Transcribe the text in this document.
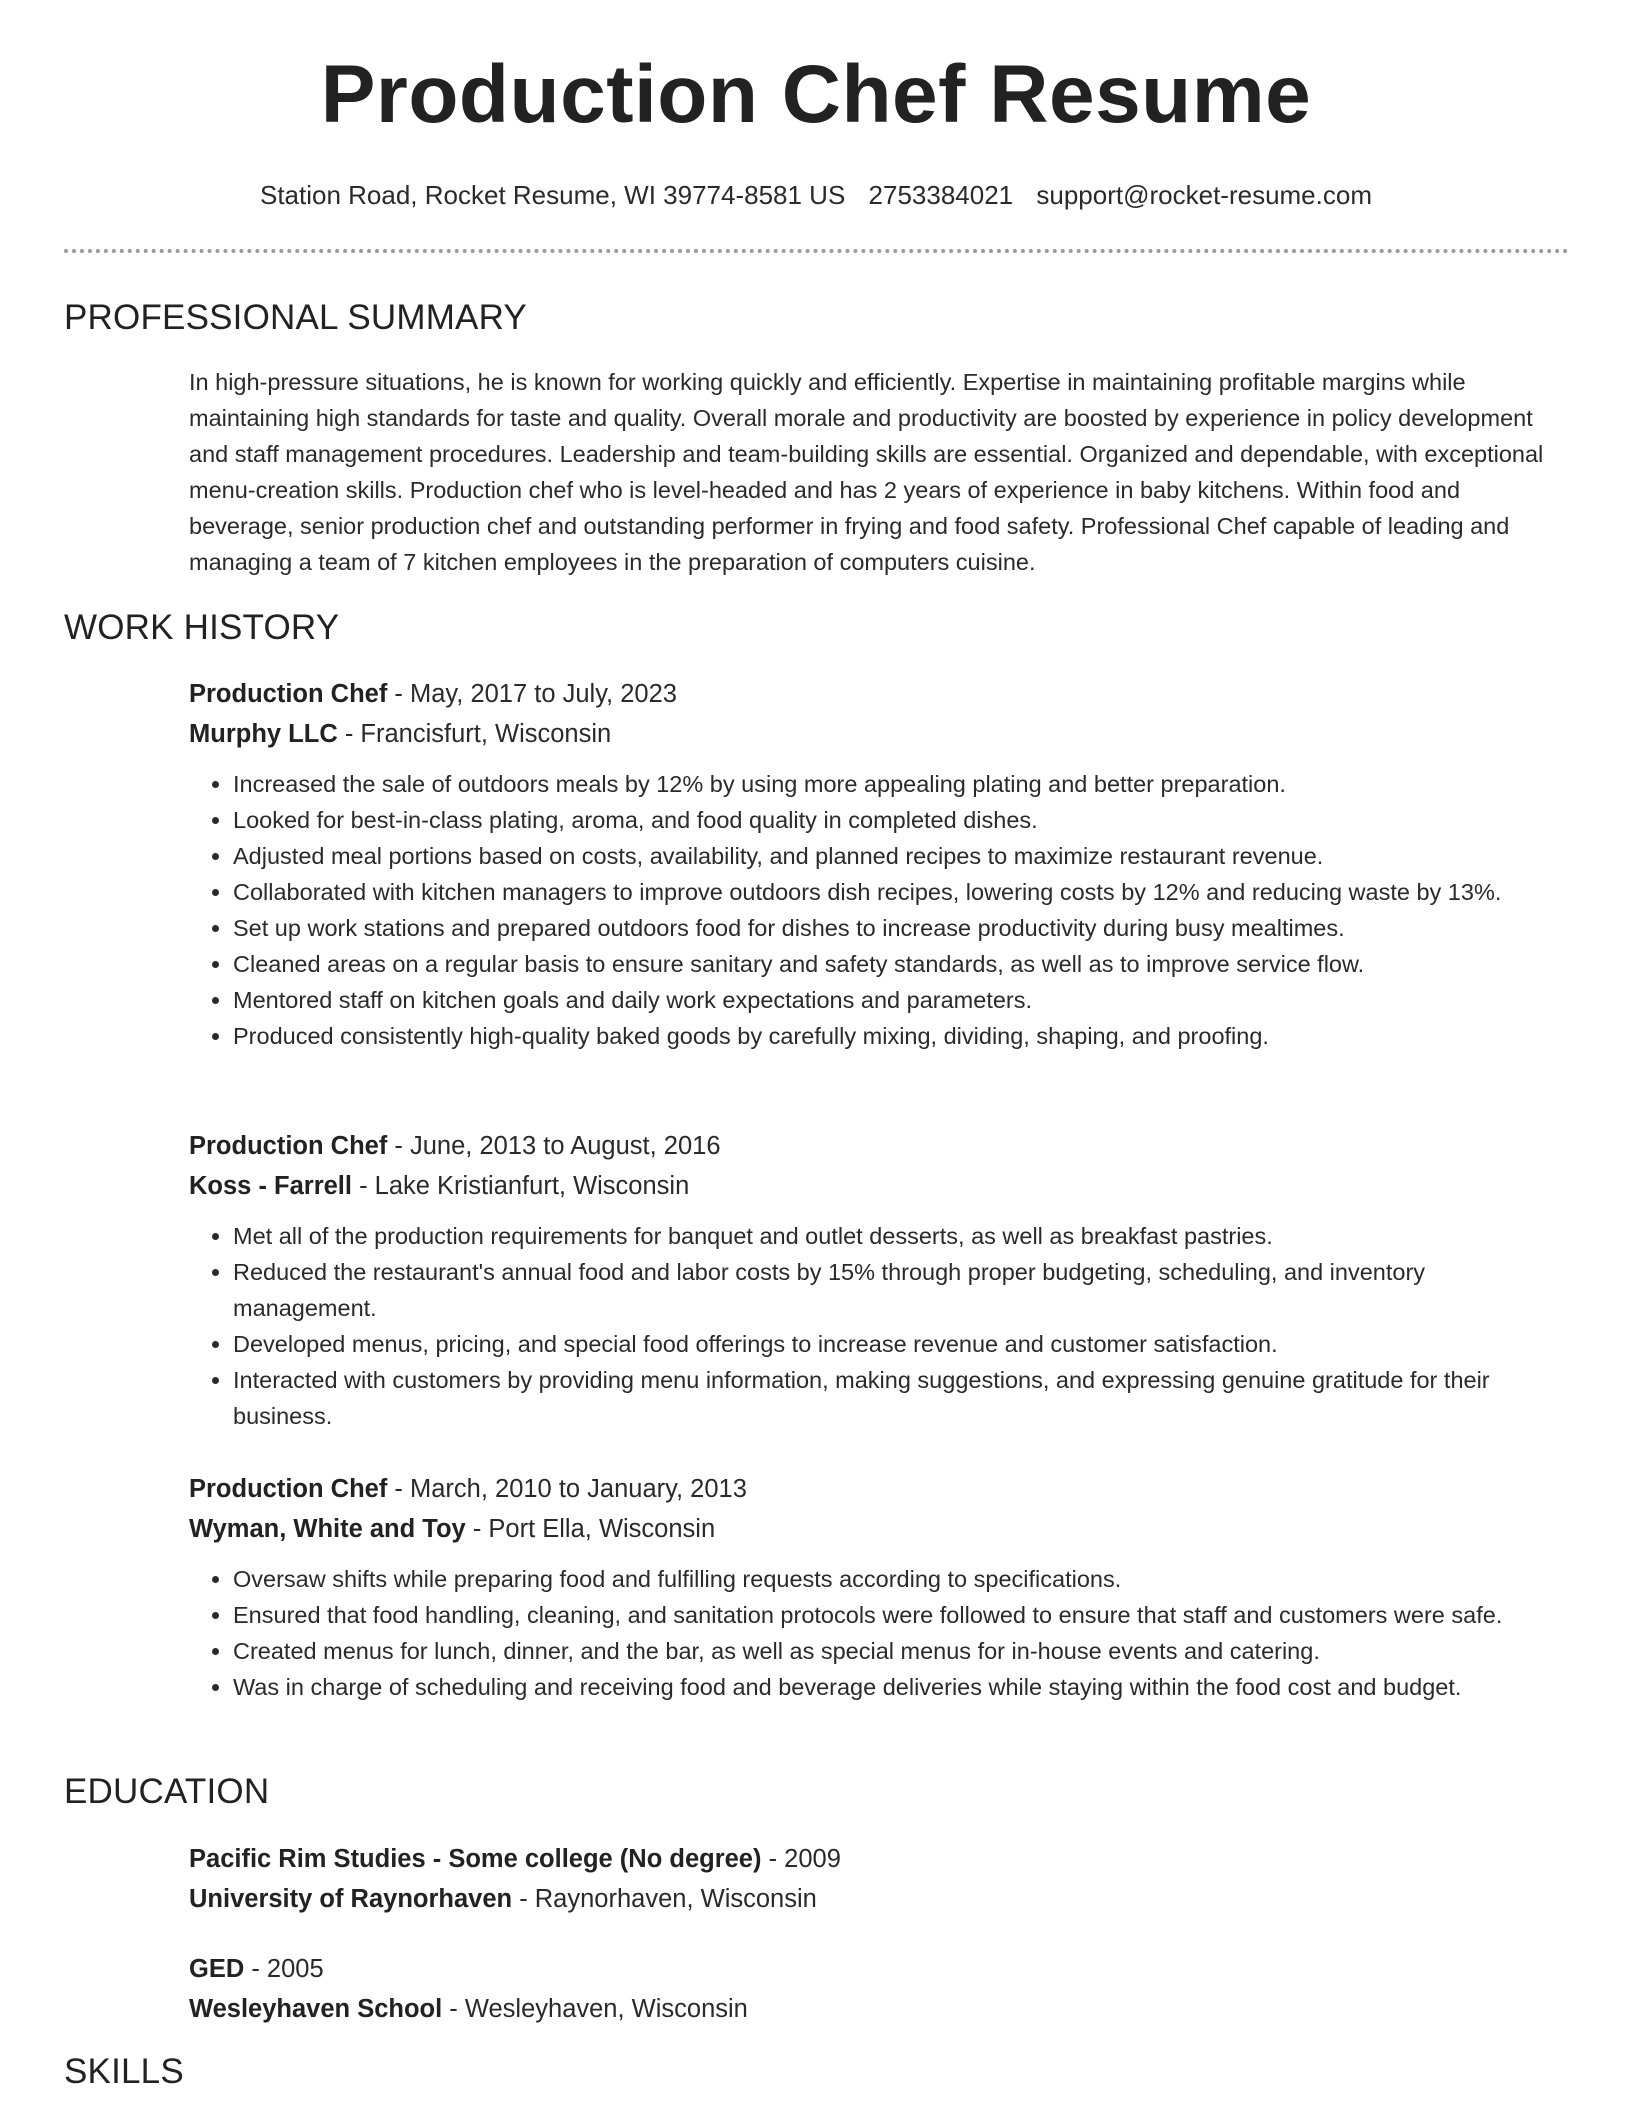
Production Chef Resume
Station Road, Rocket Resume, WI 39774-8581 US 2753384021 support@rocket-resume.com
PROFESSIONAL SUMMARY

In high-pressure situations, he is known for working quickly and efficiently. Expertise in maintaining profitable margins while maintaining high standards for taste and quality. Overall morale and productivity are boosted by experience in policy development and staff management procedures. Leadership and team-building skills are essential. Organized and dependable, with exceptional menu-creation skills. Production chef who is level-headed and has 2 years of experience in baby kitchens. Within food and beverage, senior production chef and outstanding performer in frying and food safety. Professional Chef capable of leading and managing a team of 7 kitchen employees in the preparation of computers cuisine.

WORK HISTORY

Production Chef - May, 2017 to July, 2023

Murphy LLC - Francisfurt, Wisconsin

• Increased the sale of outdoors meals by 12% by using more appealing plating and better preparation.
• Looked for best-in-class plating, aroma, and food quality in completed dishes.
• Adjusted meal portions based on costs, availability, and planned recipes to maximize restaurant revenue.
• Collaborated with kitchen managers to improve outdoors dish recipes, lowering costs by 12% and reducing waste by 13%.
• Set up work stations and prepared outdoors food for dishes to increase productivity during busy mealtimes.
• Cleaned areas on a regular basis to ensure sanitary and safety standards, as well as to improve service flow.
• Mentored staff on kitchen goals and daily work expectations and parameters.
• Produced consistently high-quality baked goods by carefully mixing, dividing, shaping, and proofing.

Production Chef - June, 2013 to August, 2016

Koss - Farrell - Lake Kristianfurt, Wisconsin

• Met all of the production requirements for banquet and outlet desserts, as well as breakfast pastries.
• Reduced the restaurant's annual food and labor costs by 15% through proper budgeting, scheduling, and inventory management.
• Developed menus, pricing, and special food offerings to increase revenue and customer satisfaction.
• Interacted with customers by providing menu information, making suggestions, and expressing genuine gratitude for their business.

Production Chef - March, 2010 to January, 2013

Wyman, White and Toy - Port Ella, Wisconsin

• Oversaw shifts while preparing food and fulfilling requests according to specifications.
• Ensured that food handling, cleaning, and sanitation protocols were followed to ensure that staff and customers were safe.
• Created menus for lunch, dinner, and the bar, as well as special menus for in-house events and catering.
• Was in charge of scheduling and receiving food and beverage deliveries while staying within the food cost and budget.
EDUCATION

Pacific Rim Studies - Some college (No degree) - 2009

University of Raynorhaven - Raynorhaven, Wisconsin

GED - 2005

Wesleyhaven School - Wesleyhaven, Wisconsin

SKILLS
